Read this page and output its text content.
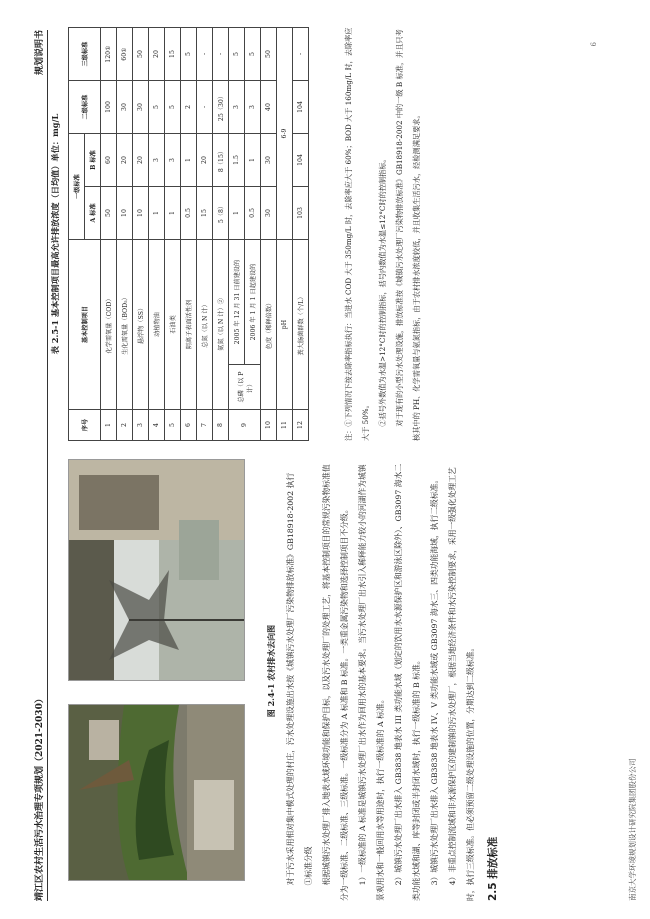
靖江区农村生活污水治理专项规划（2021-2030）
规划说明书	6
图 2.4-1 农村排水去向图	对于污水采用相对集中模式处理的村庄，污水处理设施出水按《城镇污水处理厂污染物排放标准》GB18918-2002 执行	①标准分级	根据城镇污水处理厂排入地表水域环境功能和保护目标，以及污水处理厂的处理工艺，将基本控制项目的常规污染物标准值分为一级标准、二级标准、三级标准。一级标准分为 A 标准和 B 标准。一类重金属污染物和选择控制项目不分级。	1）一级标准的 A 标准是城镇污水处理厂出水作为回用水的基本要求。当污水处理厂出水引入稀释能力较小的河湖作为城镇景观用水和一般回用水等用途时，执行一级标准的 A 标准。	2）城镇污水处理厂出水排入 GB3838 地表水 III 类功能水域（划定的饮用水水源保护区和游泳区除外）、GB3097 海水二类功能水域和湖、库等封闭或半封闭水域时，执行一级标准的 B 标准。	3）城镇污水处理厂出水排入 GB3838 地表水 IV、V 类功能水域或 GB3097 海水三、四类功能海域，执行二级标准。	4）非重点控制流域和非水源保护区的建制镇的污水处理厂，根据当地经济条件和水污染控制要求，采用一级强化处理工艺时，执行三级标准。但必须预留二级处理设施的位置，分期达到二级标准。	2.5 排放标准
表 2.5-1 基本控制项目最高允许排放浓度（日均值）单位：mg/L
序号	基本控制项目		一级标准		二级标准	三级标准
			A 标准	B 标准		
1	化学需氧量（COD）		50	60	100	120①
2	生化需氧量（BOD₅）		10	20	30	60①
3	悬浮物（SS）		10	20	30	50
4	动植物油		1	3	5	20
5	石油类		1	3	5	15
6	阴离子表面活性剂		0.5	1	2	5
7	总氮（以 N 计）		15	20	-	-
8	氨氮（以 N 计）②		5（8）	8（15）	25（30）	-
9	总磷（以 P 计）	2005 年 12 月 31 日前建设的	1	1.5	3	5
		2006 年 1 月 1 日起建设的	0.5	1	3	5
10	色度（稀释倍数）		30	30	40	50
11	pH		6-9			
12	粪大肠菌群数（个/L）		103	104	104	-	注：①下列情况下按去除率指标执行：当进水 COD 大于 350mg/L 时，去除率应大于 60%；BOD 大于 160mg/L 时，去除率应大于 50%。	②括号外数值为水温>12°C时的控制指标，括号内数值为水温≤12°C时的控制指标。	对于现有的小型污水处理设施，排放标准按《城镇污水处理厂污染物排放标准》GB18918-2002 中的一级 B 标准，并且只考核其中的 PH、化学需氧量与氨氮指标，由于农村排水浓度较低，并且收集生活污水，经检测满足要求。

南京大学环境规划设计研究院集团股份公司
